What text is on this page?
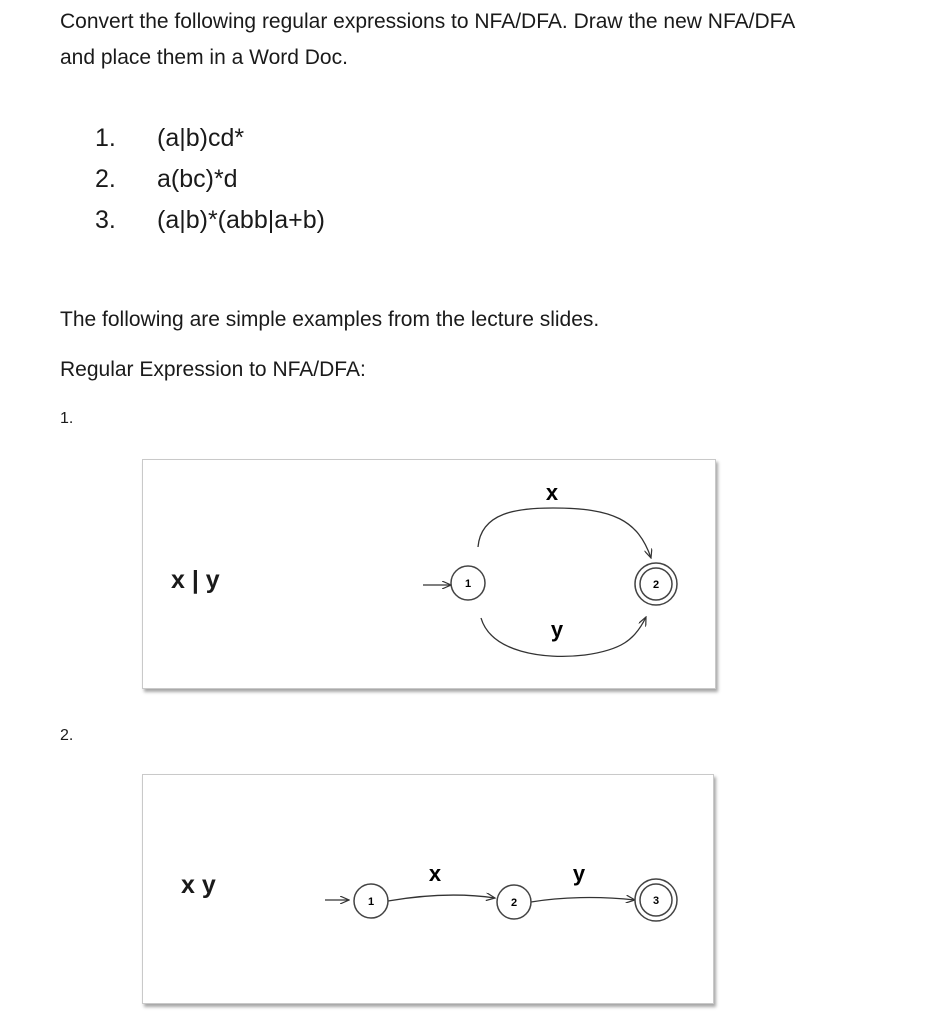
Convert the following regular expressions to NFA/DFA. Draw the new NFA/DFA
and place them in a Word Doc.
1.	(a|b)cd*
2.	a(bc)*d
3.	(a|b)*(abb|a+b)
The following are simple examples from the lecture slides.
Regular Expression to NFA/DFA:
1.
x | y	1	2
x
y
2.
x y
1	2	3
x	y
